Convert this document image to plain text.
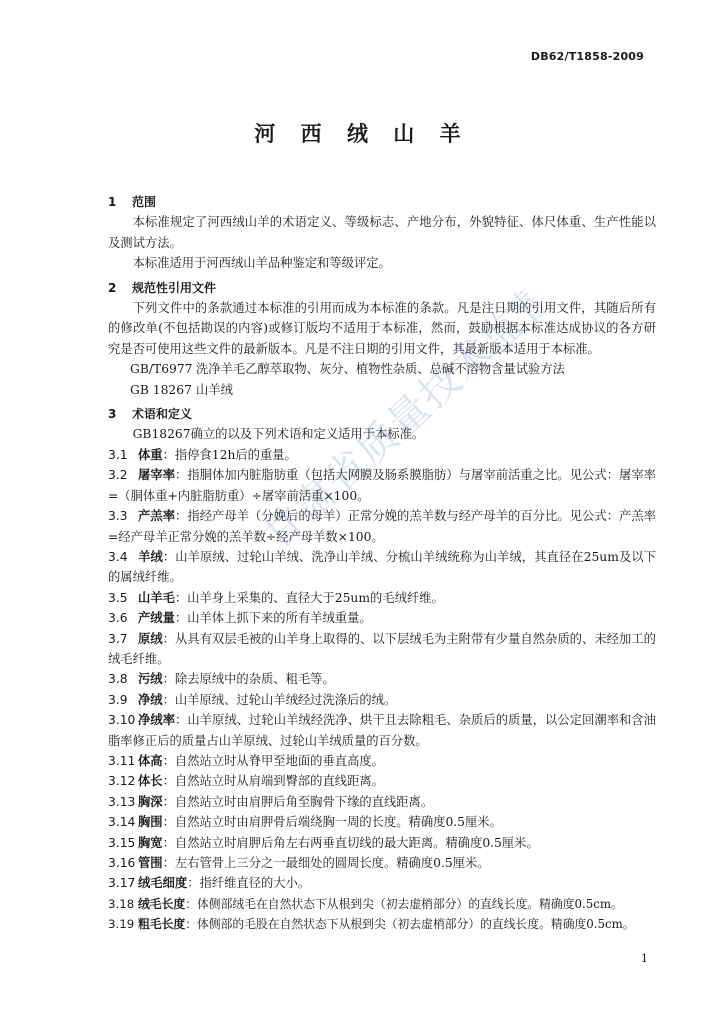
DB62/T1858-2009
河 西 绒 山 羊
1 范围
本标准规定了河西绒山羊的术语定义、等级标志、产地分布，外貌特征、体尺体重、生产性能以及测试方法。
本标准适用于河西绒山羊品种鉴定和等级评定。
2 规范性引用文件
下列文件中的条款通过本标准的引用而成为本标准的条款。凡是注日期的引用文件，其随后所有的修改单(不包括勘误的内容)或修订版均不适用于本标准，然而，鼓励根据本标准达成协议的各方研究是否可使用这些文件的最新版本。凡是不注日期的引用文件，其最新版本适用于本标准。
GB/T6977 洗净羊毛乙醇萃取物、灰分、植物性杂质、总碱不溶物含量试验方法
GB 18267 山羊绒
3 术语和定义
GB18267确立的以及下列术语和定义适用于本标准。
3.1 体重：指停食12h后的重量。
3.2 屠宰率：指胴体加内脏脂肪重（包括大网膜及肠系膜脂肪）与屠宰前活重之比。见公式：屠宰率=（胴体重+内脏脂肪重）÷屠宰前活重×100。
3.3 产羔率：指经产母羊（分娩后的母羊）正常分娩的羔羊数与经产母羊的百分比。见公式：产羔率=经产母羊正常分娩的羔羊数÷经产母羊数×100。
3.4 羊绒：山羊原绒、过轮山羊绒、洗净山羊绒、分梳山羊绒统称为山羊绒，其直径在25um及以下的属绒纤维。
3.5 山羊毛：山羊身上采集的、直径大于25um的毛绒纤维。
3.6 产绒量：山羊体上抓下来的所有羊绒重量。
3.7 原绒：从具有双层毛被的山羊身上取得的、以下层绒毛为主附带有少量自然杂质的、未经加工的绒毛纤维。
3.8 污绒：除去原绒中的杂质、粗毛等。
3.9 净绒：山羊原绒、过轮山羊绒经过洗涤后的绒。
3.10 净绒率：山羊原绒、过轮山羊绒经洗净、烘干且去除粗毛、杂质后的质量，以公定回潮率和含油脂率修正后的质量占山羊原绒、过轮山羊绒质量的百分数。
3.11 体高：自然站立时从脊甲至地面的垂直高度。
3.12 体长：自然站立时从肩端到臀部的直线距离。
3.13 胸深：自然站立时由肩胛后角至胸骨下缘的直线距离。
3.14 胸围：自然站立时由肩胛骨后端绕胸一周的长度。精确度0.5厘米。
3.15 胸宽：自然站立时肩胛后角左右两垂直切线的最大距离。精确度0.5厘米。
3.16 管围：左右管骨上三分之一最细处的圆周长度。精确度0.5厘米。
3.17 绒毛细度：指纤维直径的大小。
3.18 绒毛长度：体侧部绒毛在自然状态下从根到尖（初去虚梢部分）的直线长度。精确度0.5cm。
3.19 粗毛长度：体侧部的毛股在自然状态下从根到尖（初去虚梢部分）的直线长度。精确度0.5cm。
1
甘肃省质量技术监督局
